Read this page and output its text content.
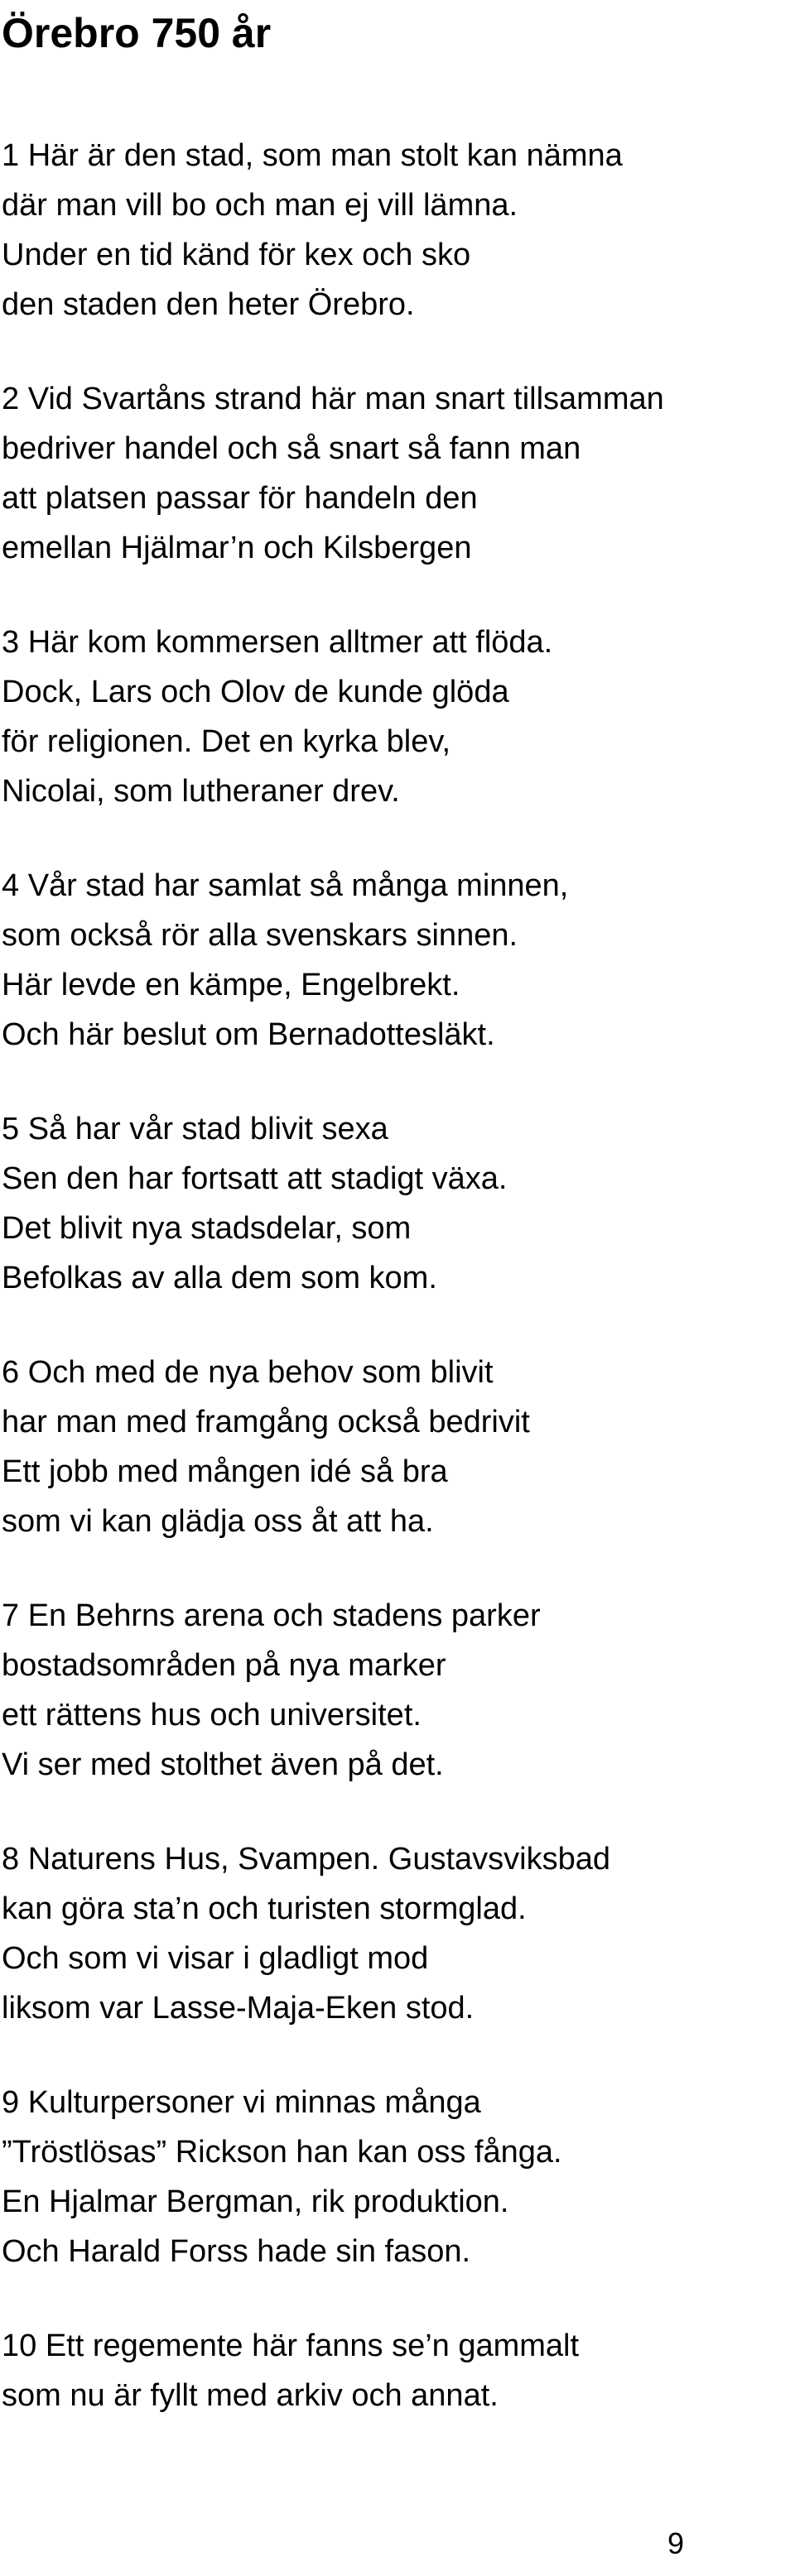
Örebro 750 år
1 Här är den stad, som man stolt kan nämna
där man vill bo och man ej vill lämna.
Under en tid känd för kex och sko
den staden den heter Örebro.
2 Vid Svartåns strand här man snart tillsamman
bedriver handel och så snart så fann man
att platsen passar för handeln den
emellan Hjälmar’n och Kilsbergen
3 Här kom kommersen alltmer att flöda.
Dock, Lars och Olov de kunde glöda
för religionen. Det en kyrka blev,
Nicolai, som lutheraner drev.
4 Vår stad har samlat så många minnen,
som också rör alla svenskars sinnen.
Här levde en kämpe, Engelbrekt.
Och här beslut om Bernadottesläkt.
5 Så har vår stad blivit sexa
Sen den har fortsatt att stadigt växa.
Det blivit nya stadsdelar, som
Befolkas av alla dem som kom.
6 Och med de nya behov som blivit
har man med framgång också bedrivit
Ett jobb med mången idé så bra
som vi kan glädja oss åt att ha.
7 En Behrns arena och stadens parker
bostadsområden på nya marker
ett rättens hus och universitet.
Vi ser med stolthet även på det.
8 Naturens Hus, Svampen. Gustavsviksbad
kan göra sta’n och turisten stormglad.
Och som vi visar i gladligt mod
liksom var Lasse-Maja-Eken stod.
9 Kulturpersoner vi minnas många
”Tröstlösas” Rickson han kan oss fånga.
En Hjalmar Bergman, rik produktion.
Och Harald Forss hade sin fason.
10 Ett regemente här fanns se’n gammalt
som nu är fyllt med arkiv och annat.
9
